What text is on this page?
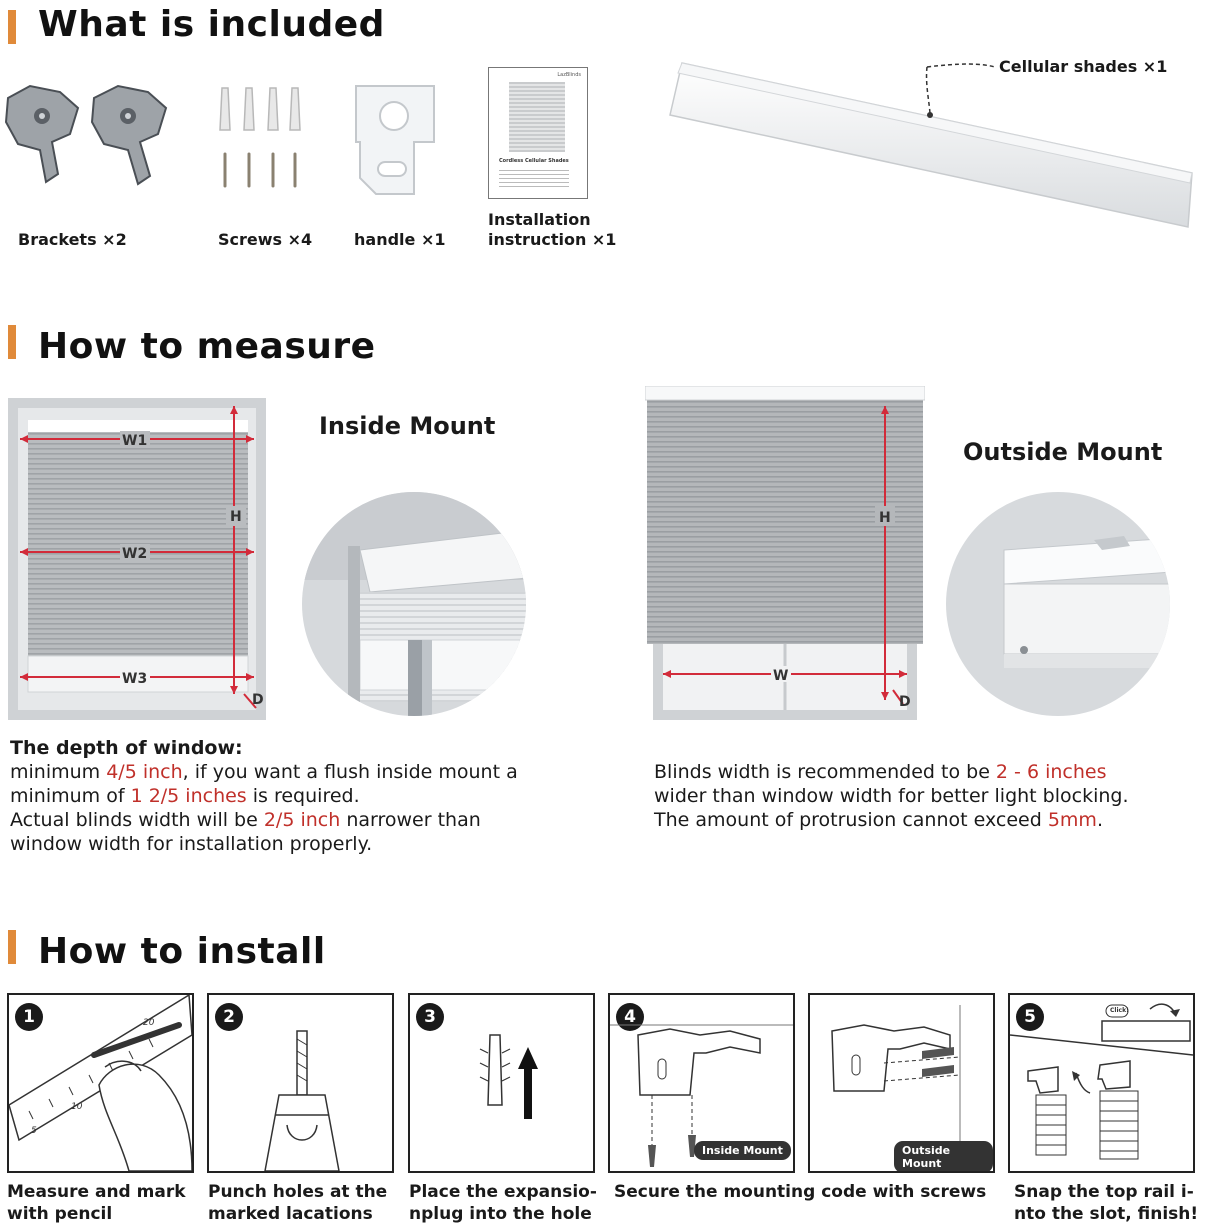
What is included
Brackets ×2	Screws ×4	handle ×1
LazBlinds
Cordless Cellular Shades
Installation
instruction ×1
Cellular shades ×1
How to measure
W1
W2
W3
H
D
Inside Mount
W
H
D
Outside Mount
The depth of window:
minimum 4/5 inch, if you want a flush inside mount a
minimum of 1 2/5 inches is required.
Actual blinds width will be 2/5 inch narrower than
window width for installation properly.
Blinds width is recommended to be 2 - 6 inches
wider than window width for better light blocking.
The amount of protrusion cannot exceed 5mm.
How to install
1
5
10
20
Measure and mark
with pencil
2
Punch holes at the
marked lacations
3
Place the expansio-
nplug into the hole
4
Inside Mount	Outside Mount
Secure the mounting code with screws
5	Click!
Snap the top rail i-
nto the slot, finish!
